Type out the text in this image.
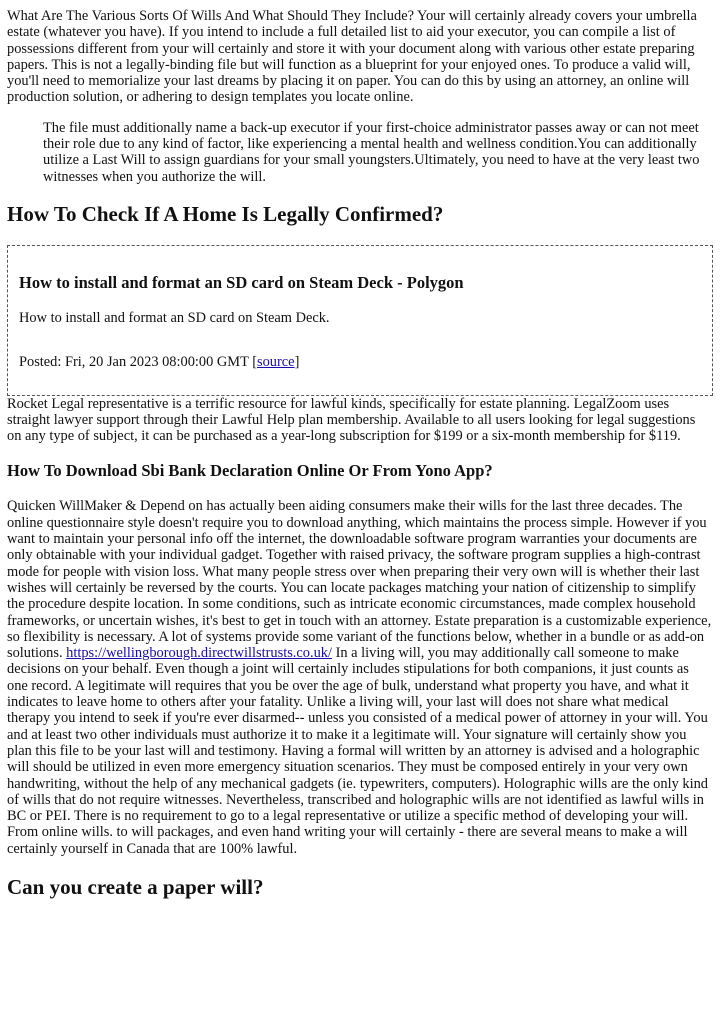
What Are The Various Sorts Of Wills And What Should They Include? Your will certainly already covers your umbrella estate (whatever you have). If you intend to include a full detailed list to aid your executor, you can compile a list of possessions different from your will certainly and store it with your document along with various other estate preparing papers. This is not a legally-binding file but will function as a blueprint for your enjoyed ones. To produce a valid will, you'll need to memorialize your last dreams by placing it on paper. You can do this by using an attorney, an online will production solution, or adhering to design templates you locate online.

The file must additionally name a back-up executor if your first-choice administrator passes away or can not meet their role due to any kind of factor, like experiencing a mental health and wellness condition.You can additionally utilize a Last Will to assign guardians for your small youngsters.Ultimately, you need to have at the very least two witnesses when you authorize the will.
How To Check If A Home Is Legally Confirmed?
How to install and format an SD card on Steam Deck - Polygon

How to install and format an SD card on Steam Deck.

Posted: Fri, 20 Jan 2023 08:00:00 GMT [source]

Rocket Legal representative is a terrific resource for lawful kinds, specifically for estate planning. LegalZoom uses straight lawyer support through their Lawful Help plan membership. Available to all users looking for legal suggestions on any type of subject, it can be purchased as a year-long subscription for $199 or a six-month membership for $119.

How To Download Sbi Bank Declaration Online Or From Yono App?

Quicken WillMaker & Depend on has actually been aiding consumers make their wills for the last three decades. The online questionnaire style doesn't require you to download anything, which maintains the process simple. However if you want to maintain your personal info off the internet, the downloadable software program warranties your documents are only obtainable with your individual gadget. Together with raised privacy, the software program supplies a high-contrast mode for people with vision loss. What many people stress over when preparing their very own will is whether their last wishes will certainly be reversed by the courts. You can locate packages matching your nation of citizenship to simplify the procedure despite location. In some conditions, such as intricate economic circumstances, made complex household frameworks, or uncertain wishes, it's best to get in touch with an attorney. Estate preparation is a customizable experience, so flexibility is necessary. A lot of systems provide some variant of the functions below, whether in a bundle or as add-on solutions. https://wellingborough.directwillstrusts.co.uk/ In a living will, you may additionally call someone to make decisions on your behalf. Even though a joint will certainly includes stipulations for both companions, it just counts as one record. A legitimate will requires that you be over the age of bulk, understand what property you have, and what it indicates to leave home to others after your fatality. Unlike a living will, your last will does not share what medical therapy you intend to seek if you're ever disarmed-- unless you consisted of a medical power of attorney in your will. You and at least two other individuals must authorize it to make it a legitimate will. Your signature will certainly show you plan this file to be your last will and testimony. Having a formal will written by an attorney is advised and a holographic will should be utilized in even more emergency situation scenarios. They must be composed entirely in your very own handwriting, without the help of any mechanical gadgets (ie. typewriters, computers). Holographic wills are the only kind of wills that do not require witnesses. Nevertheless, transcribed and holographic wills are not identified as lawful wills in BC or PEI. There is no requirement to go to a legal representative or utilize a specific method of developing your will. From online wills. to will packages, and even hand writing your will certainly - there are several means to make a will certainly yourself in Canada that are 100% lawful.

Can you create a paper will?
